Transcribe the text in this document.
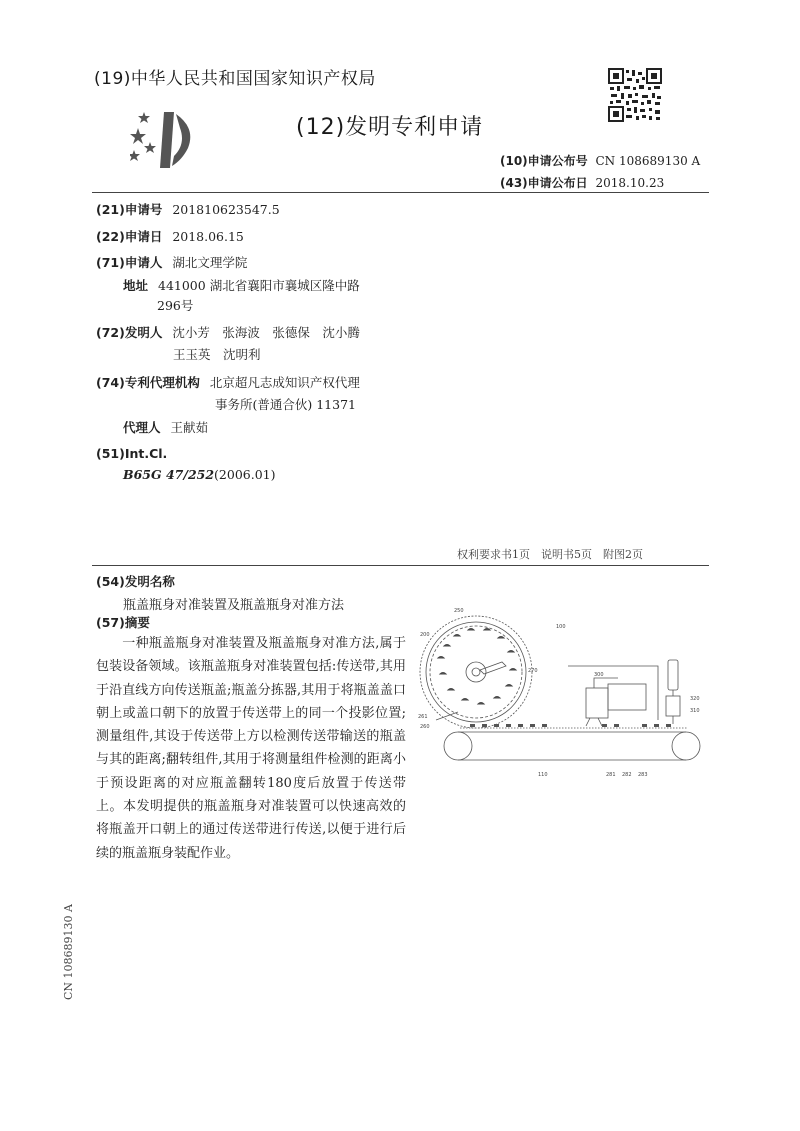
(19)中华人民共和国国家知识产权局
(12)发明专利申请
(10)申请公布号 CN 108689130 A
(43)申请公布日 2018.10.23
(21)申请号 201810623547.5
(22)申请日 2018.06.15
(71)申请人 湖北文理学院
地址 441000 湖北省襄阳市襄城区隆中路
296号
(72)发明人 沈小芳　张海波　张德保　沈小腾
王玉英　沈明利
(74)专利代理机构 北京超凡志成知识产权代理
事务所(普通合伙) 11371
代理人 王献茹
(51)Int.Cl.
B65G 47/252(2006.01)
权利要求书1页　说明书5页　附图2页
(54)发明名称
瓶盖瓶身对准装置及瓶盖瓶身对准方法
(57)摘要
一种瓶盖瓶身对准装置及瓶盖瓶身对准方法,属于包装设备领域。该瓶盖瓶身对准装置包括:传送带,其用于沿直线方向传送瓶盖;瓶盖分拣器,其用于将瓶盖盖口朝上或盖口朝下的放置于传送带上的同一个投影位置;测量组件,其设于传送带上方以检测传送带输送的瓶盖与其的距离;翻转组件,其用于将测量组件检测的距离小于预设距离的对应瓶盖翻转180度后放置于传送带上。本发明提供的瓶盖瓶身对准装置可以快速高效的将瓶盖开口朝上的通过传送带进行传送,以便于进行后续的瓶盖瓶身装配作业。
250
200
270
261
260
100
300
320
310
110	281 282 283
CN 108689130 A
